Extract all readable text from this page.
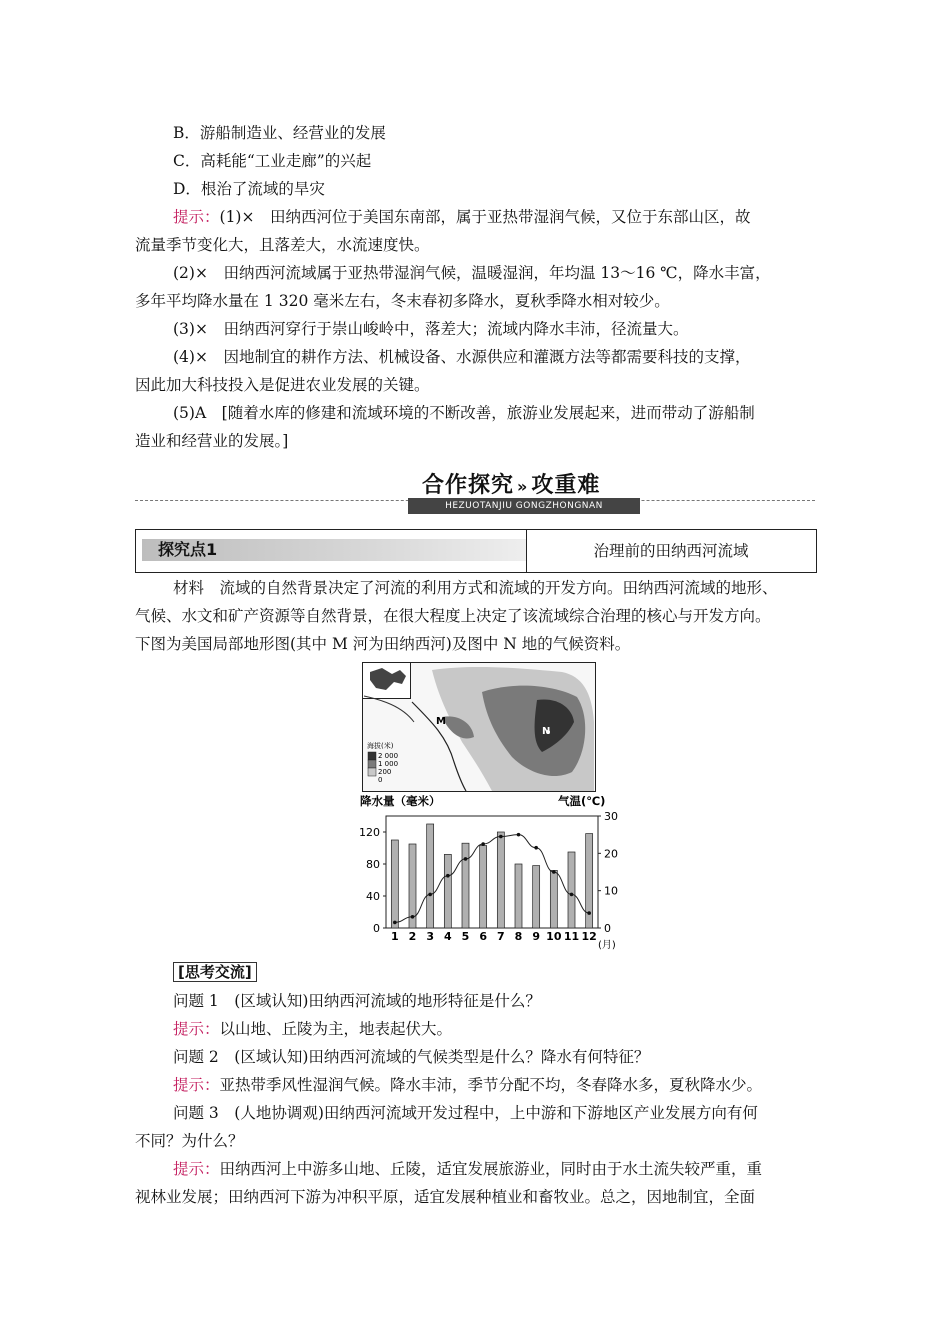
B．游船制造业、经营业的发展
C．高耗能“工业走廊”的兴起
D．根治了流域的旱灾
提示：(1)×　田纳西河位于美国东南部，属于亚热带湿润气候，又位于东部山区，故
流量季节变化大，且落差大，水流速度快。
(2)×　田纳西河流域属于亚热带湿润气候，温暖湿润，年均温 13～16 ℃，降水丰富，
多年平均降水量在 1 320 毫米左右，冬末春初多降水，夏秋季降水相对较少。
(3)×　田纳西河穿行于崇山峻岭中，落差大；流域内降水丰沛，径流量大。
(4)×　因地制宜的耕作方法、机械设备、水源供应和灌溉方法等都需要科技的支撑，
因此加大科技投入是促进农业发展的关键。
(5)A　[随着水库的修建和流域环境的不断改善，旅游业发展起来，进而带动了游船制
造业和经营业的发展。]
合作探究 » 攻重难
HEZUOTANJIU GONGZHONGNAN
探究点1	治理前的田纳西河流域
材料　流域的自然背景决定了河流的利用方式和流域的开发方向。田纳西河流域的地形、
气候、水文和矿产资源等自然背景，在很大程度上决定了该流域综合治理的核心与开发方向。
下图为美国局部地形图(其中 M 河为田纳西河)及图中 N 地的气候资料。
M
N
海拔(米)
2 000
1 000
200
0
降水量（毫米）	气温(℃)
(月)
0
40
80
120
0
10
20
30
1 2 3 4 5 6 7 8 9 10 11 12
[思考交流]
问题 1　(区域认知)田纳西河流域的地形特征是什么？
提示：以山地、丘陵为主，地表起伏大。
问题 2　(区域认知)田纳西河流域的气候类型是什么？降水有何特征？
提示：亚热带季风性湿润气候。降水丰沛，季节分配不均，冬春降水多，夏秋降水少。
问题 3　(人地协调观)田纳西河流域开发过程中，上中游和下游地区产业发展方向有何
不同？为什么？
提示：田纳西河上中游多山地、丘陵，适宜发展旅游业，同时由于水土流失较严重，重
视林业发展；田纳西河下游为冲积平原，适宜发展种植业和畜牧业。总之，因地制宜，全面
